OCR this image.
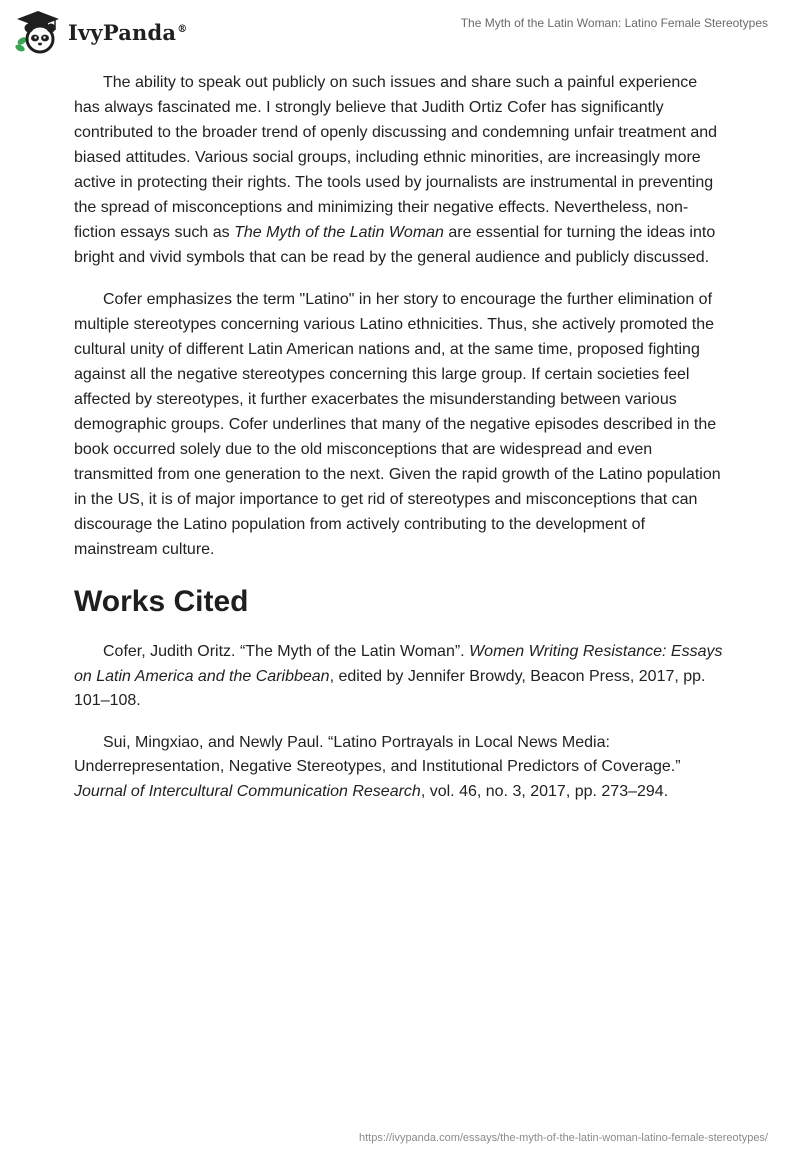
IvyPanda®	The Myth of the Latin Woman: Latino Female Stereotypes

The ability to speak out publicly on such issues and share such a painful experience has always fascinated me. I strongly believe that Judith Ortiz Cofer has significantly contributed to the broader trend of openly discussing and condemning unfair treatment and biased attitudes. Various social groups, including ethnic minorities, are increasingly more active in protecting their rights. The tools used by journalists are instrumental in preventing the spread of misconceptions and minimizing their negative effects. Nevertheless, non-fiction essays such as The Myth of the Latin Woman are essential for turning the ideas into bright and vivid symbols that can be read by the general audience and publicly discussed.

Cofer emphasizes the term "Latino" in her story to encourage the further elimination of multiple stereotypes concerning various Latino ethnicities. Thus, she actively promoted the cultural unity of different Latin American nations and, at the same time, proposed fighting against all the negative stereotypes concerning this large group. If certain societies feel affected by stereotypes, it further exacerbates the misunderstanding between various demographic groups. Cofer underlines that many of the negative episodes described in the book occurred solely due to the old misconceptions that are widespread and even transmitted from one generation to the next. Given the rapid growth of the Latino population in the US, it is of major importance to get rid of stereotypes and misconceptions that can discourage the Latino population from actively contributing to the development of mainstream culture.

Works Cited

Cofer, Judith Oritz. “The Myth of the Latin Woman”. Women Writing Resistance: Essays on Latin America and the Caribbean, edited by Jennifer Browdy, Beacon Press, 2017, pp. 101–108.

Sui, Mingxiao, and Newly Paul. “Latino Portrayals in Local News Media: Underrepresentation, Negative Stereotypes, and Institutional Predictors of Coverage.” Journal of Intercultural Communication Research, vol. 46, no. 3, 2017, pp. 273–294.

https://ivypanda.com/essays/the-myth-of-the-latin-woman-latino-female-stereotypes/
